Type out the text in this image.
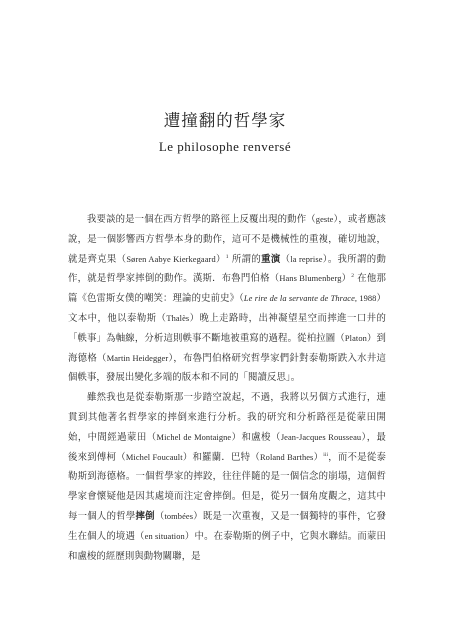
遭撞翻的哲學家
Le philosophe renversé

我要談的是一個在西方哲學的路徑上反覆出現的動作（geste），或者應該說，是一個影響西方哲學本身的動作，這可不是機械性的重複，確切地說，就是齊克果（Søren Aabye Kierkegaard）$^1$ 所謂的重演（la reprise）。我所謂的動作，就是哲學家摔倒的動作。漢斯．布魯門伯格（Hans Blumenberg）$^2$ 在他那篇《色雷斯女僕的嘲笑：理論的史前史》（Le rire de la servante de Thrace, 1988）文本中，他以泰勒斯（Thalès）晚上走路時，出神凝望星空而摔進一口井的「軼事」為軸線，分析這則軼事不斷地被重寫的過程。從柏拉圖（Platon）到海德格（Martin Heidegger），布魯門伯格研究哲學家們針對泰勒斯跌入水井這個軼事，發展出變化多端的版本和不同的「閱讀反思」。

雖然我也是從泰勒斯那一步踏空說起，不過，我將以另個方式進行，連貫到其他著名哲學家的摔倒來進行分析。我的研究和分析路徑是從蒙田開始，中間經過蒙田（Michel de Montaigne）和盧梭（Jean-Jacques Rousseau），最後來到傅柯（Michel Foucault）和羅蘭．巴特（Roland Barthes）$^{iii}$，而不是從泰勒斯到海德格。一個哲學家的摔跤，往往伴隨的是一個信念的崩塌，這個哲學家會懷疑他是因其處境而注定會摔倒。但是，從另一個角度觀之，這其中每一個人的哲學摔倒（tombées）既是一次重複，又是一個獨特的事件，它發生在個人的境遇（en situation）中。在泰勒斯的例子中，它與水聯結。而蒙田和盧梭的經歷則與動物關聯，是
